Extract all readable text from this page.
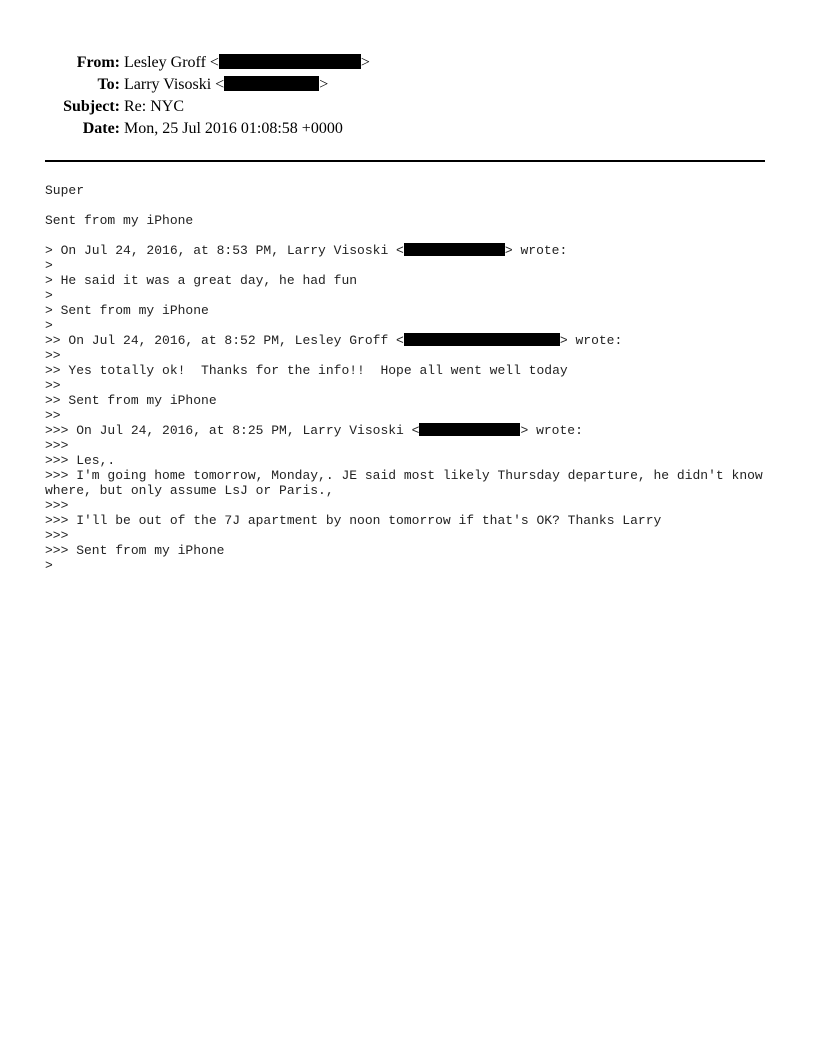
From: Lesley Groff <	>
To: Larry Visoski <	>
Subject: Re: NYC
Date: Mon, 25 Jul 2016 01:08:58 +0000
Super
Sent from my iPhone
> On Jul 24, 2016, at 8:53 PM, Larry Visoski <	> wrote:
>
> He said it was a great day, he had fun
>
> Sent from my iPhone
>
>> On Jul 24, 2016, at 8:52 PM, Lesley Groff <	> wrote:
>>
>> Yes totally ok!  Thanks for the info!!  Hope all went well today
>>
>> Sent from my iPhone
>>
>>> On Jul 24, 2016, at 8:25 PM, Larry Visoski <	> wrote:
>>>
>>> Les,.
>>> I'm going home tomorrow, Monday,. JE said most likely Thursday departure, he didn't know
where, but only assume LsJ or Paris.,
>>>
>>> I'll be out of the 7J apartment by noon tomorrow if that's OK? Thanks Larry
>>>
>>> Sent from my iPhone
>
